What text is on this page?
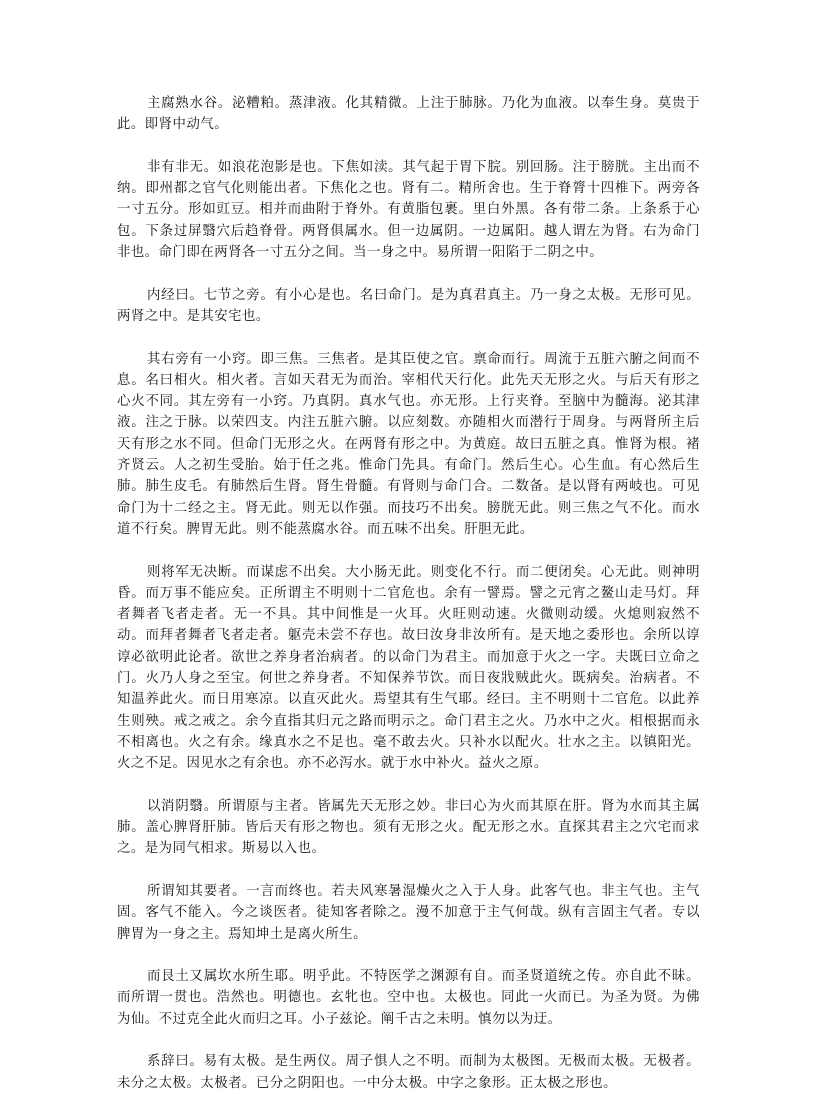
主腐熟水谷。泌糟粕。蒸津液。化其精微。上注于肺脉。乃化为血液。以奉生身。莫贵于此。即肾中动气。

非有非无。如浪花泡影是也。下焦如渎。其气起于胃下脘。别回肠。注于膀胱。主出而不纳。即州都之官气化则能出者。下焦化之也。肾有二。精所舍也。生于脊膂十四椎下。两旁各一寸五分。形如豇豆。相并而曲附于脊外。有黄脂包裹。里白外黑。各有带二条。上条系于心包。下条过屏翳穴后趋脊骨。两肾俱属水。但一边属阴。一边属阳。越人谓左为肾。右为命门非也。命门即在两肾各一寸五分之间。当一身之中。易所谓一阳陷于二阴之中。

内经曰。七节之旁。有小心是也。名曰命门。是为真君真主。乃一身之太极。无形可见。两肾之中。是其安宅也。

其右旁有一小窍。即三焦。三焦者。是其臣使之官。禀命而行。周流于五脏六腑之间而不息。名曰相火。相火者。言如天君无为而治。宰相代天行化。此先天无形之火。与后天有形之心火不同。其左旁有一小窍。乃真阴。真水气也。亦无形。上行夹脊。至脑中为髓海。泌其津液。注之于脉。以荣四支。内注五脏六腑。以应刻数。亦随相火而潜行于周身。与两肾所主后天有形之水不同。但命门无形之火。在两肾有形之中。为黄庭。故曰五脏之真。惟肾为根。褚齐贤云。人之初生受胎。始于任之兆。惟命门先具。有命门。然后生心。心生血。有心然后生肺。肺生皮毛。有肺然后生肾。肾生骨髓。有肾则与命门合。二数备。是以肾有两岐也。可见命门为十二经之主。肾无此。则无以作强。而技巧不出矣。膀胱无此。则三焦之气不化。而水道不行矣。脾胃无此。则不能蒸腐水谷。而五味不出矣。肝胆无此。

则将军无决断。而谋虑不出矣。大小肠无此。则变化不行。而二便闭矣。心无此。则神明昏。而万事不能应矣。正所谓主不明则十二官危也。余有一譬焉。譬之元宵之鳌山走马灯。拜者舞者飞者走者。无一不具。其中间惟是一火耳。火旺则动速。火微则动缓。火熄则寂然不动。而拜者舞者飞者走者。躯壳未尝不存也。故曰汝身非汝所有。是天地之委形也。余所以谆谆必欲明此论者。欲世之养身者治病者。的以命门为君主。而加意于火之一字。夫既曰立命之门。火乃人身之至宝。何世之养身者。不知保养节饮。而日夜戕贼此火。既病矣。治病者。不知温养此火。而日用寒凉。以直灭此火。焉望其有生气耶。经曰。主不明则十二官危。以此养生则殃。戒之戒之。余今直指其归元之路而明示之。命门君主之火。乃水中之火。相根据而永不相离也。火之有余。缘真水之不足也。毫不敢去火。只补水以配火。壮水之主。以镇阳光。火之不足。因见水之有余也。亦不必泻水。就于水中补火。益火之原。

以消阴翳。所谓原与主者。皆属先天无形之妙。非曰心为火而其原在肝。肾为水而其主属肺。盖心脾肾肝肺。皆后天有形之物也。须有无形之火。配无形之水。直探其君主之穴宅而求之。是为同气相求。斯易以入也。

所谓知其要者。一言而终也。若夫风寒暑湿燥火之入于人身。此客气也。非主气也。主气固。客气不能入。今之谈医者。徒知客者除之。漫不加意于主气何哉。纵有言固主气者。专以脾胃为一身之主。焉知坤土是离火所生。

而艮土又属坎水所生耶。明乎此。不特医学之渊源有自。而圣贤道统之传。亦自此不昧。而所谓一贯也。浩然也。明德也。玄牝也。空中也。太极也。同此一火而已。为圣为贤。为佛为仙。不过克全此火而归之耳。小子兹论。阐千古之未明。慎勿以为迂。

系辞曰。易有太极。是生两仪。周子惧人之不明。而制为太极图。无极而太极。无极者。未分之太极。太极者。已分之阴阳也。一中分太极。中字之象形。正太极之形也。
